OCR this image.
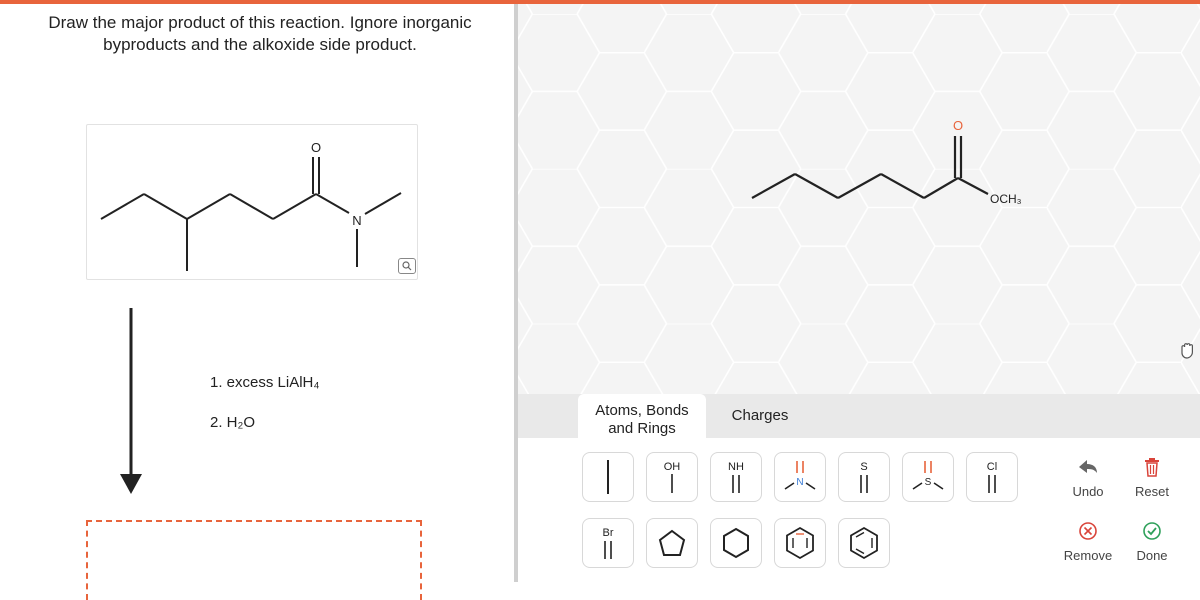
Draw the major product of this reaction. Ignore inorganic byproducts and the alkoxide side product.
O
N
1. excess LiAlH₄
2. H₂O
O
OCH₃
Atoms, Bonds and Rings
Charges
OH	NH
N
S
S
Cl
Br
Undo	Reset
Remove	Done
